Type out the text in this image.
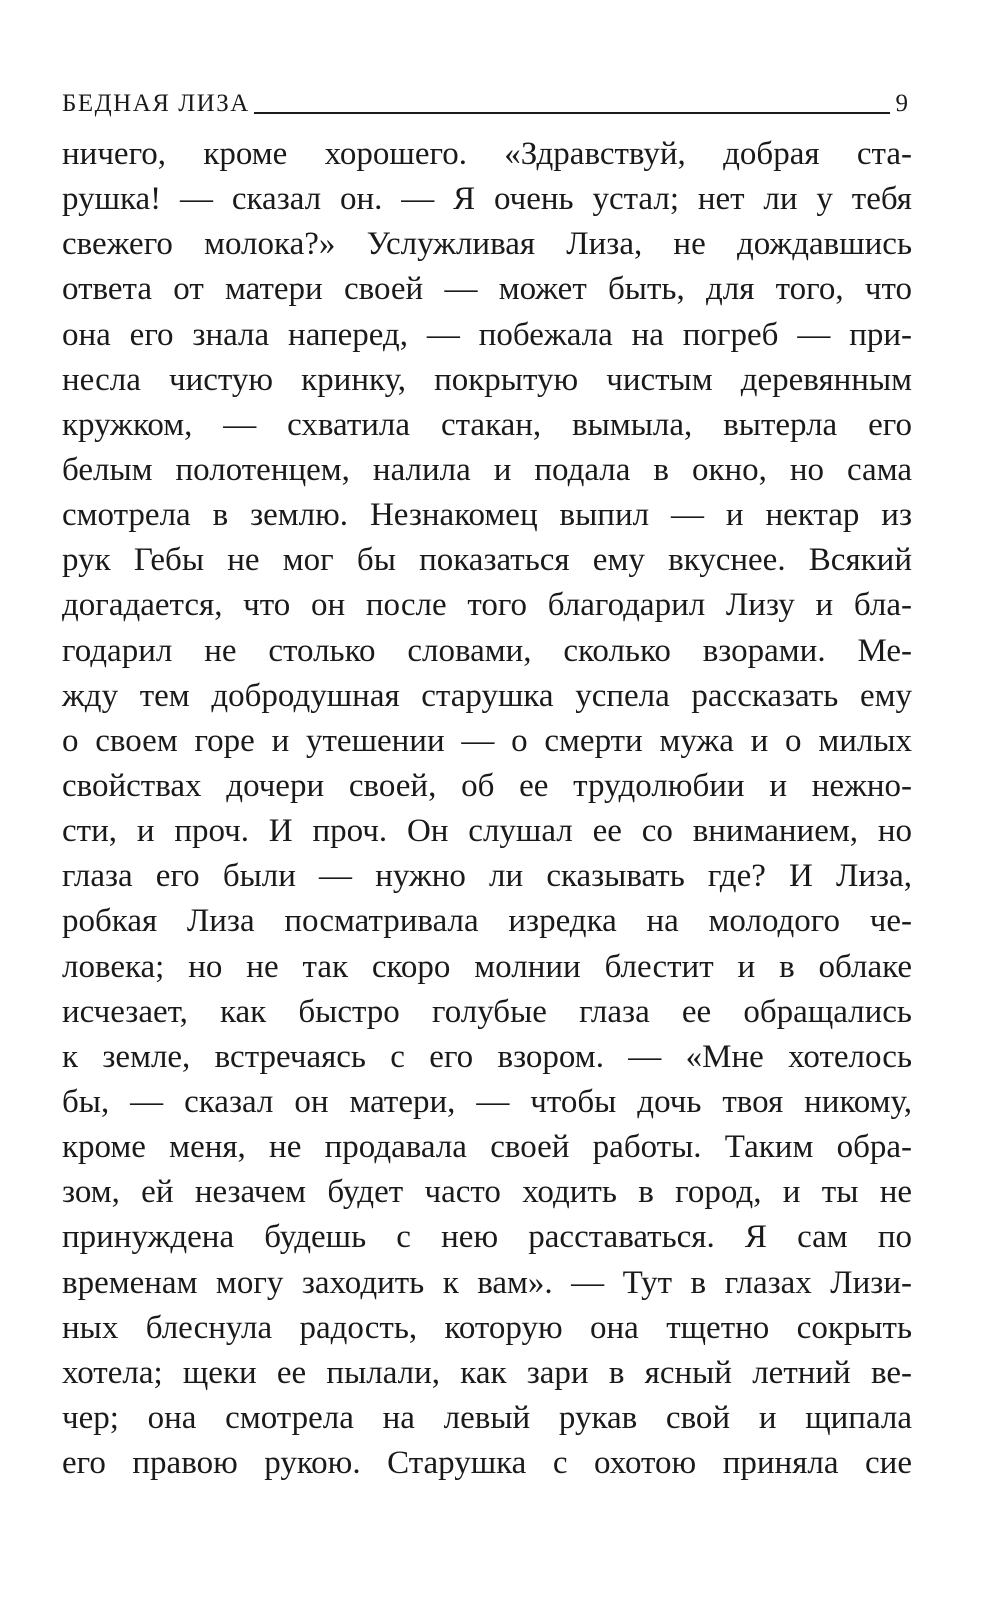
БЕДНАЯ ЛИЗА	9
ничего, кроме хорошего. «Здравствуй, добрая ста-
рушка! — сказал он. — Я очень устал; нет ли у тебя
свежего молока?» Услужливая Лиза, не дождавшись
ответа от матери своей — может быть, для того, что
она его знала наперед, — побежала на погреб — при-
несла чистую кринку, покрытую чистым деревянным
кружком, — схватила стакан, вымыла, вытерла его
белым полотенцем, налила и подала в окно, но сама
смотрела в землю. Незнакомец выпил — и нектар из
рук Гебы не мог бы показаться ему вкуснее. Всякий
догадается, что он после того благодарил Лизу и бла-
годарил не столько словами, сколько взорами. Ме-
жду тем добродушная старушка успела рассказать ему
о своем горе и утешении — о смерти мужа и о милых
свойствах дочери своей, об ее трудолюбии и нежно-
сти, и проч. И проч. Он слушал ее со вниманием, но
глаза его были — нужно ли сказывать где? И Лиза,
робкая Лиза посматривала изредка на молодого че-
ловека; но не так скоро молнии блестит и в облаке
исчезает, как быстро голубые глаза ее обращались
к земле, встречаясь с его взором. — «Мне хотелось
бы, — сказал он матери, — чтобы дочь твоя никому,
кроме меня, не продавала своей работы. Таким обра-
зом, ей незачем будет часто ходить в город, и ты не
принуждена будешь с нею расставаться. Я сам по
временам могу заходить к вам». — Тут в глазах Лизи-
ных блеснула радость, которую она тщетно сокрыть
хотела; щеки ее пылали, как зари в ясный летний ве-
чер; она смотрела на левый рукав свой и щипала
его правою рукою. Старушка с охотою приняла сие
